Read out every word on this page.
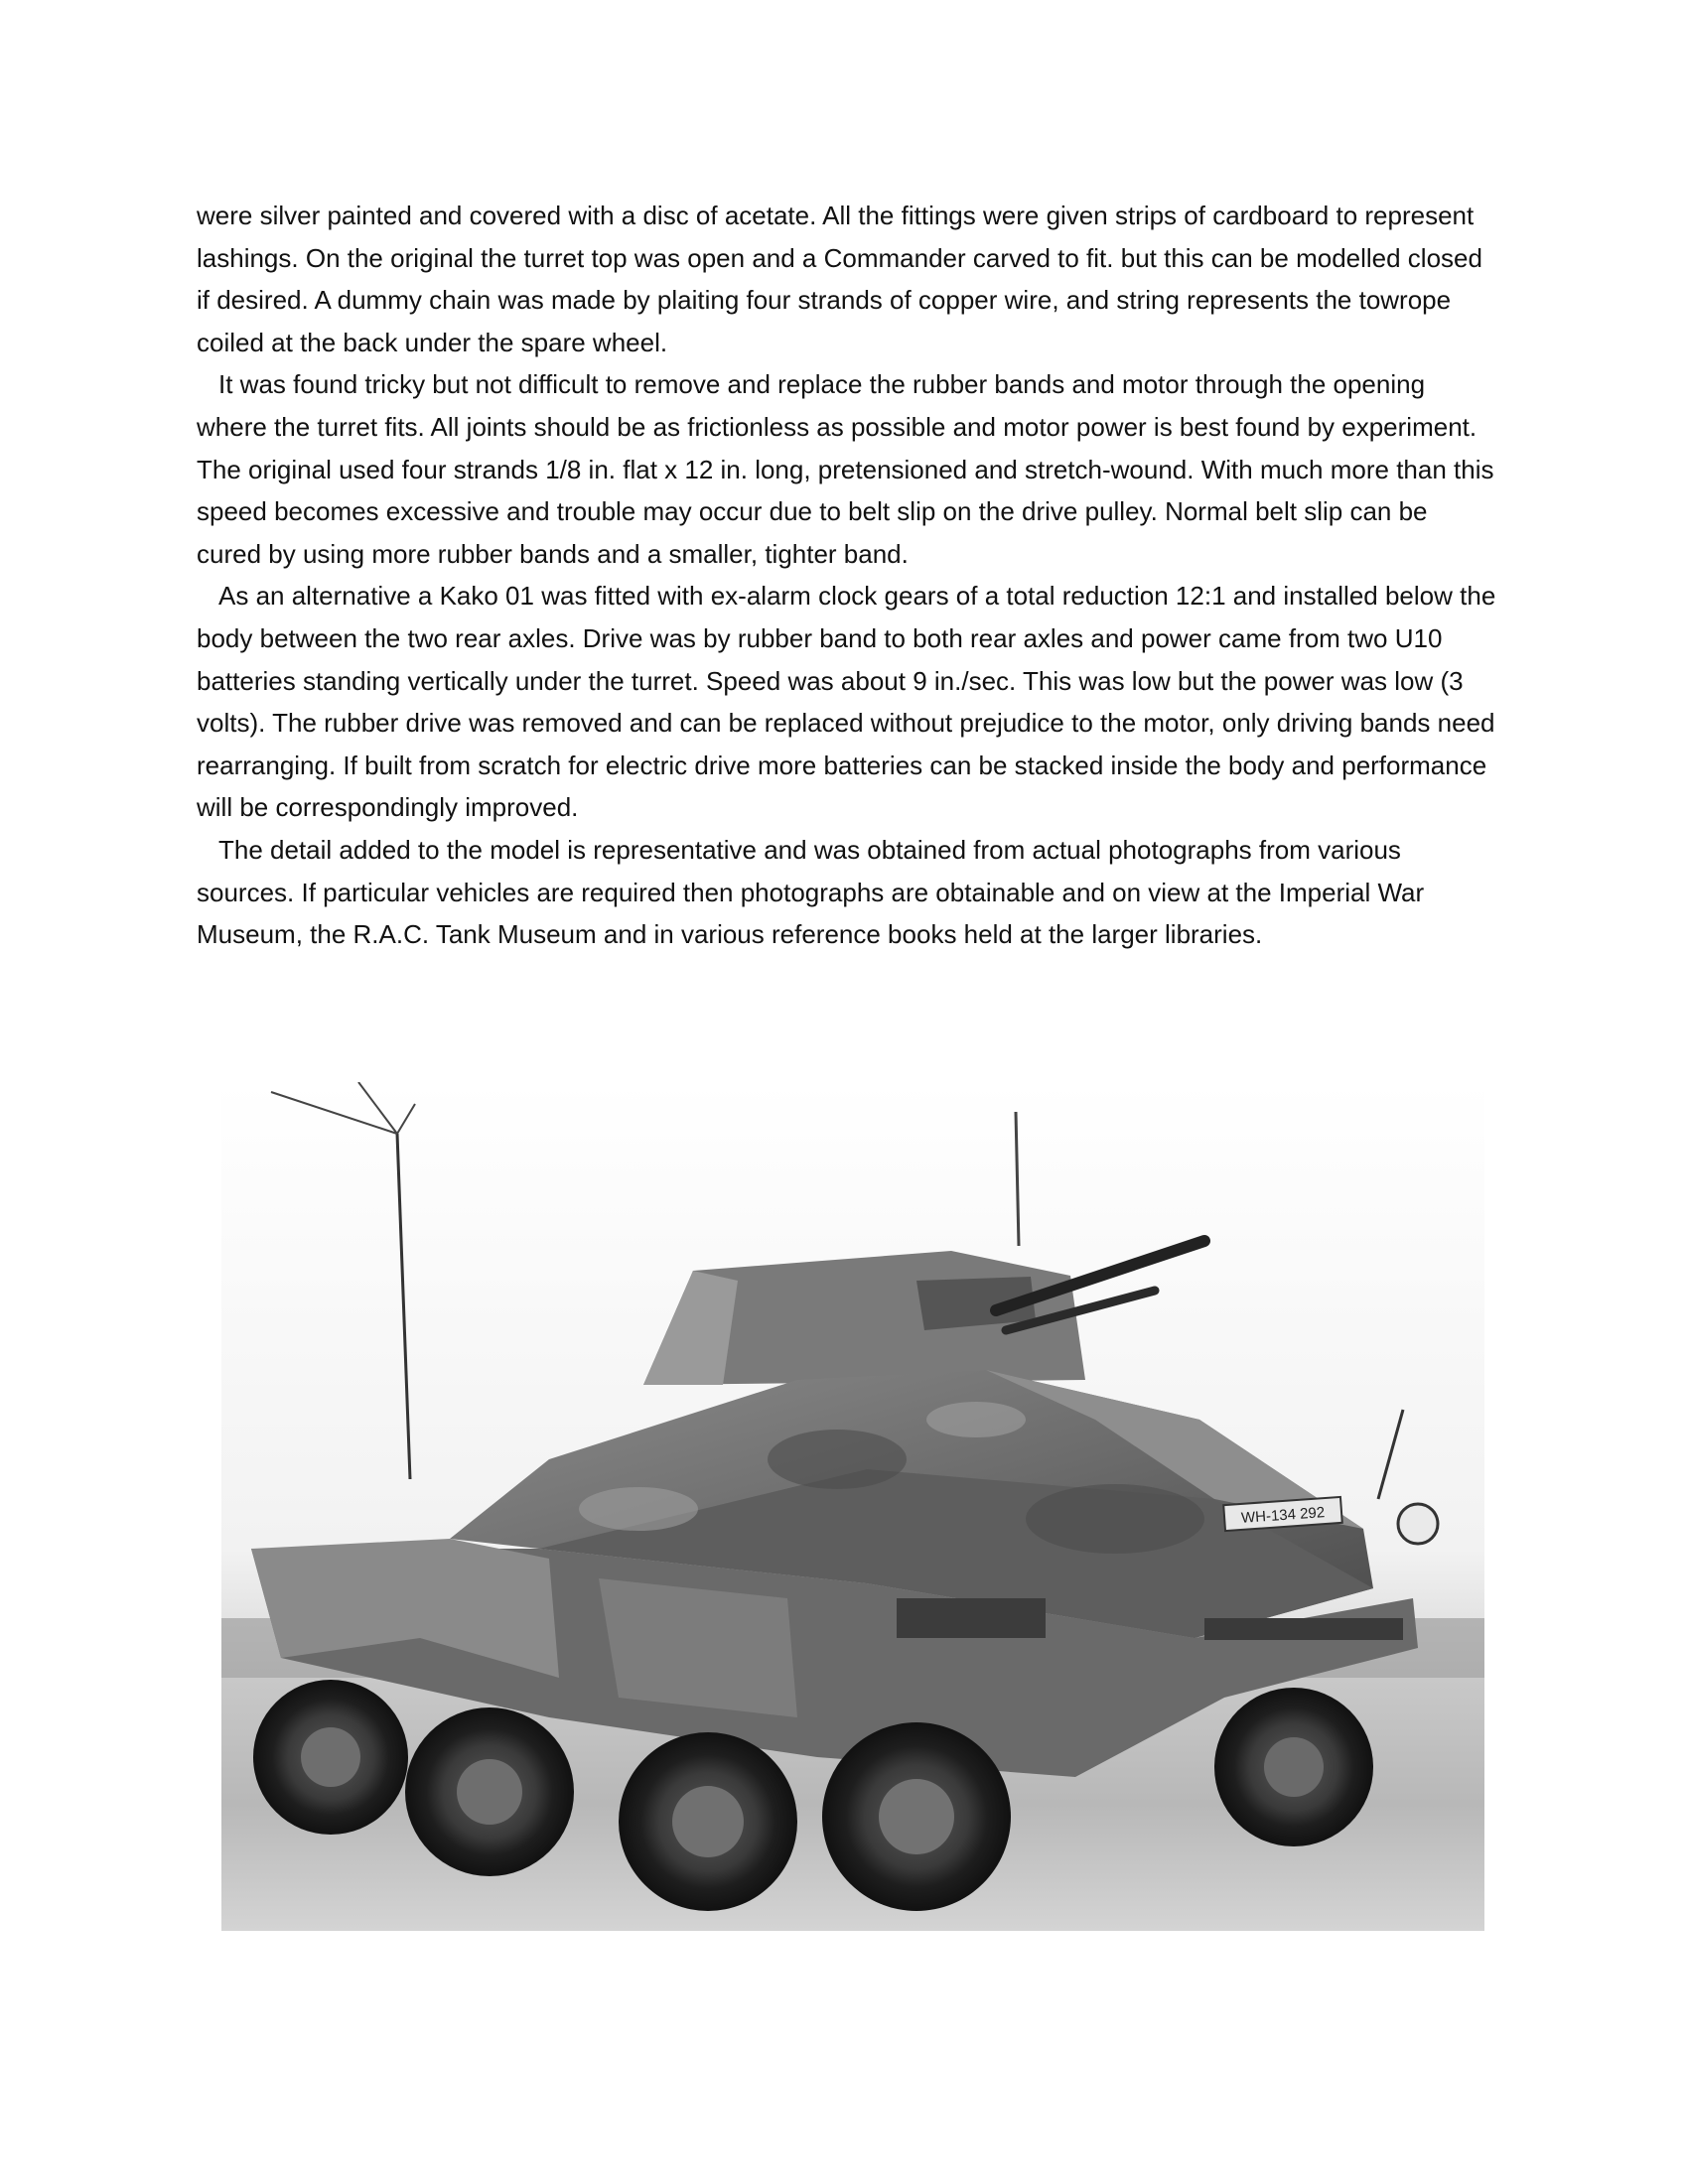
were silver painted and covered with a disc of acetate. All the fittings were given strips of cardboard to represent lashings. On the original the turret top was open and a Commander carved to fit. but this can be modelled closed if desired. A dummy chain was made by plaiting four strands of copper wire, and string represents the towrope coiled at the back under the spare wheel.

It was found tricky but not difficult to remove and replace the rubber bands and motor through the opening where the turret fits. All joints should be as frictionless as possible and motor power is best found by experiment. The original used four strands 1/8 in. flat x 12 in. long, pretensioned and stretch-wound. With much more than this speed becomes excessive and trouble may occur due to belt slip on the drive pulley. Normal belt slip can be cured by using more rubber bands and a smaller, tighter band.

As an alternative a Kako 01 was fitted with ex-alarm clock gears of a total reduction 12:1 and installed below the body between the two rear axles. Drive was by rubber band to both rear axles and power came from two U10 batteries standing vertically under the turret. Speed was about 9 in./sec. This was low but the power was low (3 volts). The rubber drive was removed and can be replaced without prejudice to the motor, only driving bands need rearranging. If built from scratch for electric drive more batteries can be stacked inside the body and performance will be correspondingly improved.

The detail added to the model is representative and was obtained from actual photographs from various sources. If particular vehicles are required then photographs are obtainable and on view at the Imperial War Museum, the R.A.C. Tank Museum and in various reference books held at the larger libraries.

WH-134 292
